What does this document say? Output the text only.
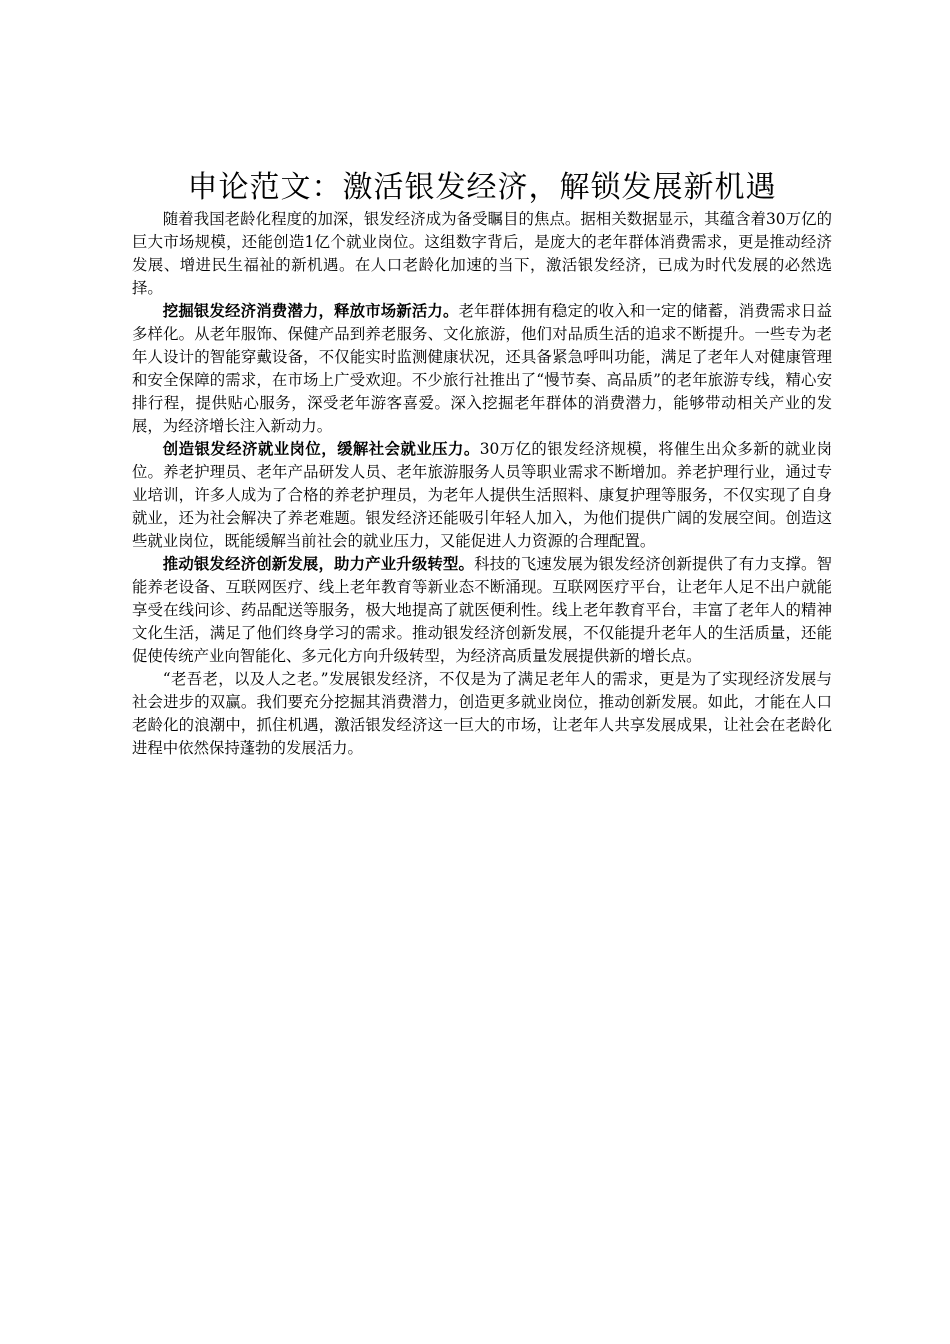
申论范文：激活银发经济，解锁发展新机遇

随着我国老龄化程度的加深，银发经济成为备受瞩目的焦点。据相关数据显示，其蕴含着30万亿的巨大市场规模，还能创造1亿个就业岗位。这组数字背后，是庞大的老年群体消费需求，更是推动经济发展、增进民生福祉的新机遇。在人口老龄化加速的当下，激活银发经济，已成为时代发展的必然选择。

挖掘银发经济消费潜力，释放市场新活力。老年群体拥有稳定的收入和一定的储蓄，消费需求日益多样化。从老年服饰、保健产品到养老服务、文化旅游，他们对品质生活的追求不断提升。一些专为老年人设计的智能穿戴设备，不仅能实时监测健康状况，还具备紧急呼叫功能，满足了老年人对健康管理和安全保障的需求，在市场上广受欢迎。不少旅行社推出了“慢节奏、高品质”的老年旅游专线，精心安排行程，提供贴心服务，深受老年游客喜爱。深入挖掘老年群体的消费潜力，能够带动相关产业的发展，为经济增长注入新动力。

创造银发经济就业岗位，缓解社会就业压力。30万亿的银发经济规模，将催生出众多新的就业岗位。养老护理员、老年产品研发人员、老年旅游服务人员等职业需求不断增加。养老护理行业，通过专业培训，许多人成为了合格的养老护理员，为老年人提供生活照料、康复护理等服务，不仅实现了自身就业，还为社会解决了养老难题。银发经济还能吸引年轻人加入，为他们提供广阔的发展空间。创造这些就业岗位，既能缓解当前社会的就业压力，又能促进人力资源的合理配置。

推动银发经济创新发展，助力产业升级转型。科技的飞速发展为银发经济创新提供了有力支撑。智能养老设备、互联网医疗、线上老年教育等新业态不断涌现。互联网医疗平台，让老年人足不出户就能享受在线问诊、药品配送等服务，极大地提高了就医便利性。线上老年教育平台，丰富了老年人的精神文化生活，满足了他们终身学习的需求。推动银发经济创新发展，不仅能提升老年人的生活质量，还能促使传统产业向智能化、多元化方向升级转型，为经济高质量发展提供新的增长点。

“老吾老，以及人之老。”发展银发经济，不仅是为了满足老年人的需求，更是为了实现经济发展与社会进步的双赢。我们要充分挖掘其消费潜力，创造更多就业岗位，推动创新发展。如此，才能在人口老龄化的浪潮中，抓住机遇，激活银发经济这一巨大的市场，让老年人共享发展成果，让社会在老龄化进程中依然保持蓬勃的发展活力。
